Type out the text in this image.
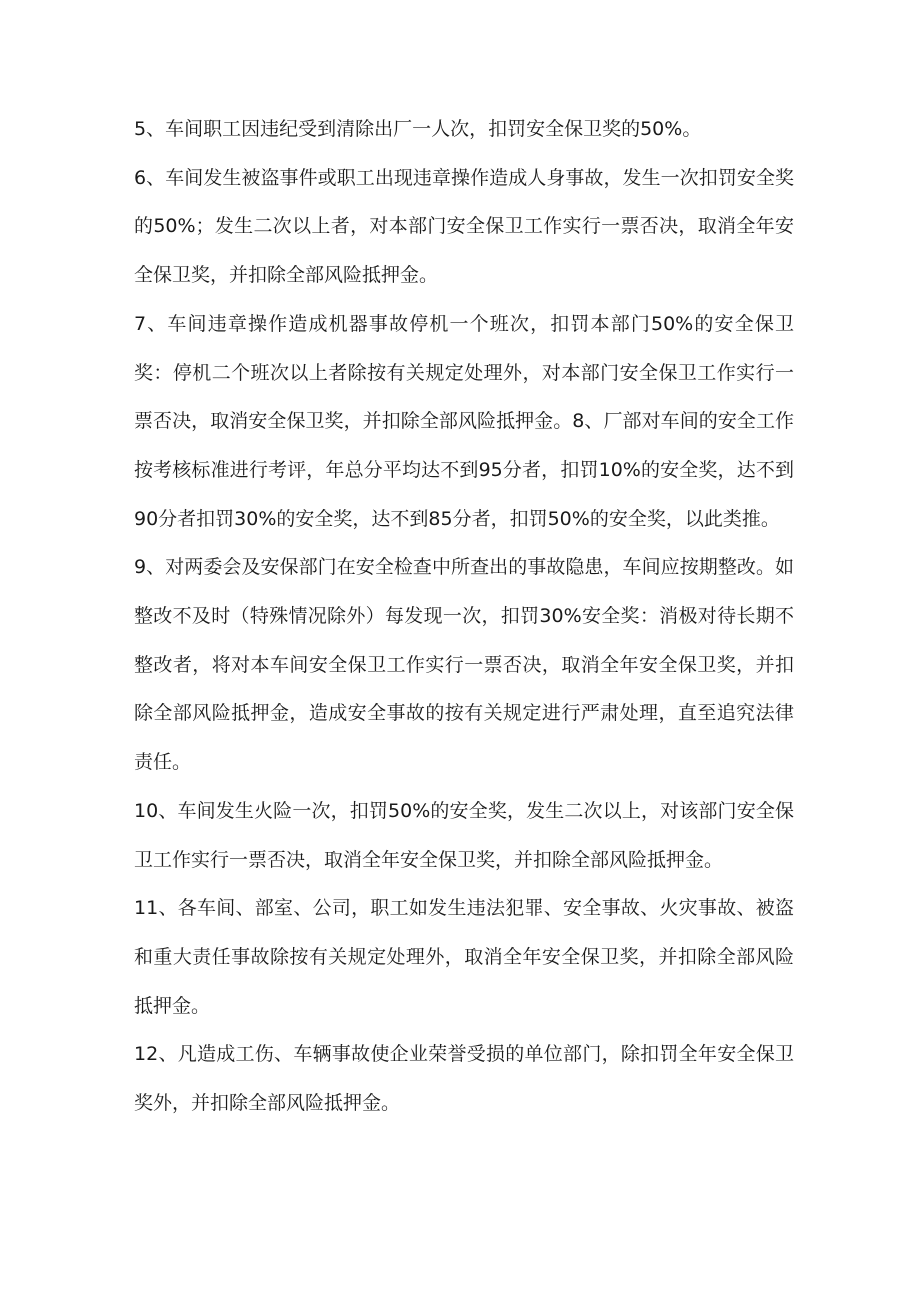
5、车间职工因违纪受到清除出厂一人次，扣罚安全保卫奖的50%。

6、车间发生被盗事件或职工出现违章操作造成人身事故，发生一次扣罚安全奖的50%；发生二次以上者，对本部门安全保卫工作实行一票否决，取消全年安全保卫奖，并扣除全部风险抵押金。

7、车间违章操作造成机器事故停机一个班次，扣罚本部门50%的安全保卫奖：停机二个班次以上者除按有关规定处理外，对本部门安全保卫工作实行一票否决，取消安全保卫奖，并扣除全部风险抵押金。8、厂部对车间的安全工作按考核标准进行考评，年总分平均达不到95分者，扣罚10%的安全奖，达不到90分者扣罚30%的安全奖，达不到85分者，扣罚50%的安全奖，以此类推。

9、对两委会及安保部门在安全检查中所查出的事故隐患，车间应按期整改。如整改不及时（特殊情况除外）每发现一次，扣罚30%安全奖：消极对待长期不整改者，将对本车间安全保卫工作实行一票否决，取消全年安全保卫奖，并扣除全部风险抵押金，造成安全事故的按有关规定进行严肃处理，直至追究法律责任。

10、车间发生火险一次，扣罚50%的安全奖，发生二次以上，对该部门安全保卫工作实行一票否决，取消全年安全保卫奖，并扣除全部风险抵押金。

11、各车间、部室、公司，职工如发生违法犯罪、安全事故、火灾事故、被盗和重大责任事故除按有关规定处理外，取消全年安全保卫奖，并扣除全部风险抵押金。

12、凡造成工伤、车辆事故使企业荣誉受损的单位部门，除扣罚全年安全保卫奖外，并扣除全部风险抵押金。
